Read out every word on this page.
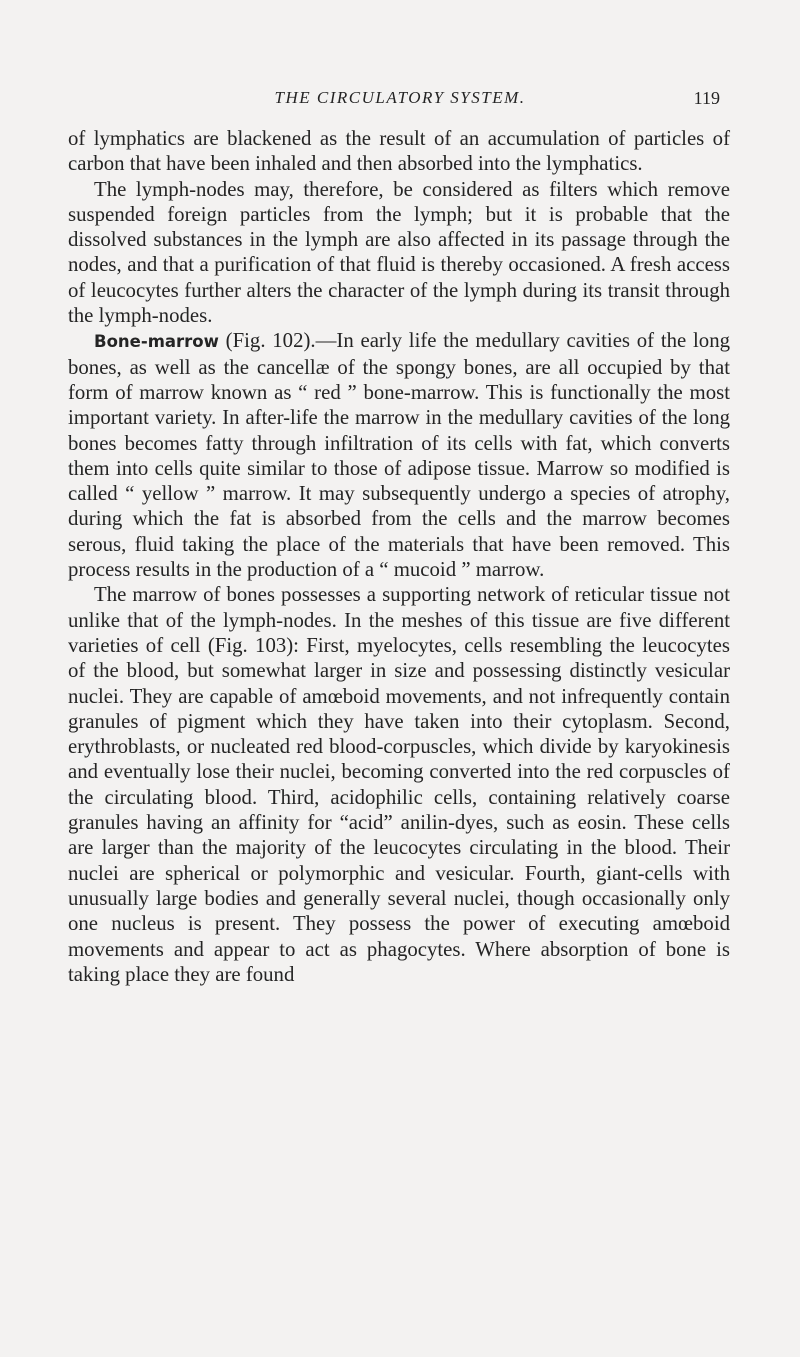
THE CIRCULATORY SYSTEM.	119

of lymphatics are blackened as the result of an accumulation of particles of carbon that have been inhaled and then absorbed into the lymphatics.

The lymph-nodes may, therefore, be considered as filters which remove suspended foreign particles from the lymph; but it is probable that the dissolved substances in the lymph are also affected in its passage through the nodes, and that a purification of that fluid is thereby occasioned. A fresh access of leucocytes further alters the character of the lymph during its transit through the lymph-nodes.

Bone-marrow (Fig. 102).—In early life the medullary cavities of the long bones, as well as the cancellæ of the spongy bones, are all occupied by that form of marrow known as “ red ” bone-marrow. This is functionally the most important variety. In after-life the marrow in the medullary cavities of the long bones becomes fatty through infiltration of its cells with fat, which converts them into cells quite similar to those of adipose tissue. Marrow so modified is called “ yellow ” marrow. It may subsequently undergo a species of atrophy, during which the fat is absorbed from the cells and the marrow becomes serous, fluid taking the place of the materials that have been removed. This process results in the production of a “ mucoid ” marrow.

The marrow of bones possesses a supporting network of reticular tissue not unlike that of the lymph-nodes. In the meshes of this tissue are five different varieties of cell (Fig. 103): First, myelocytes, cells resembling the leucocytes of the blood, but somewhat larger in size and possessing distinctly vesicular nuclei. They are capable of amœboid movements, and not infrequently contain granules of pigment which they have taken into their cytoplasm. Second, erythroblasts, or nucleated red blood-corpuscles, which divide by karyokinesis and eventually lose their nuclei, becoming converted into the red corpuscles of the circulating blood. Third, acidophilic cells, containing relatively coarse granules having an affinity for “acid” anilin-dyes, such as eosin. These cells are larger than the majority of the leucocytes circulating in the blood. Their nuclei are spherical or polymorphic and vesicular. Fourth, giant-cells with unusually large bodies and generally several nuclei, though occasionally only one nucleus is present. They possess the power of executing amœboid movements and appear to act as phagocytes. Where absorption of bone is taking place they are found
